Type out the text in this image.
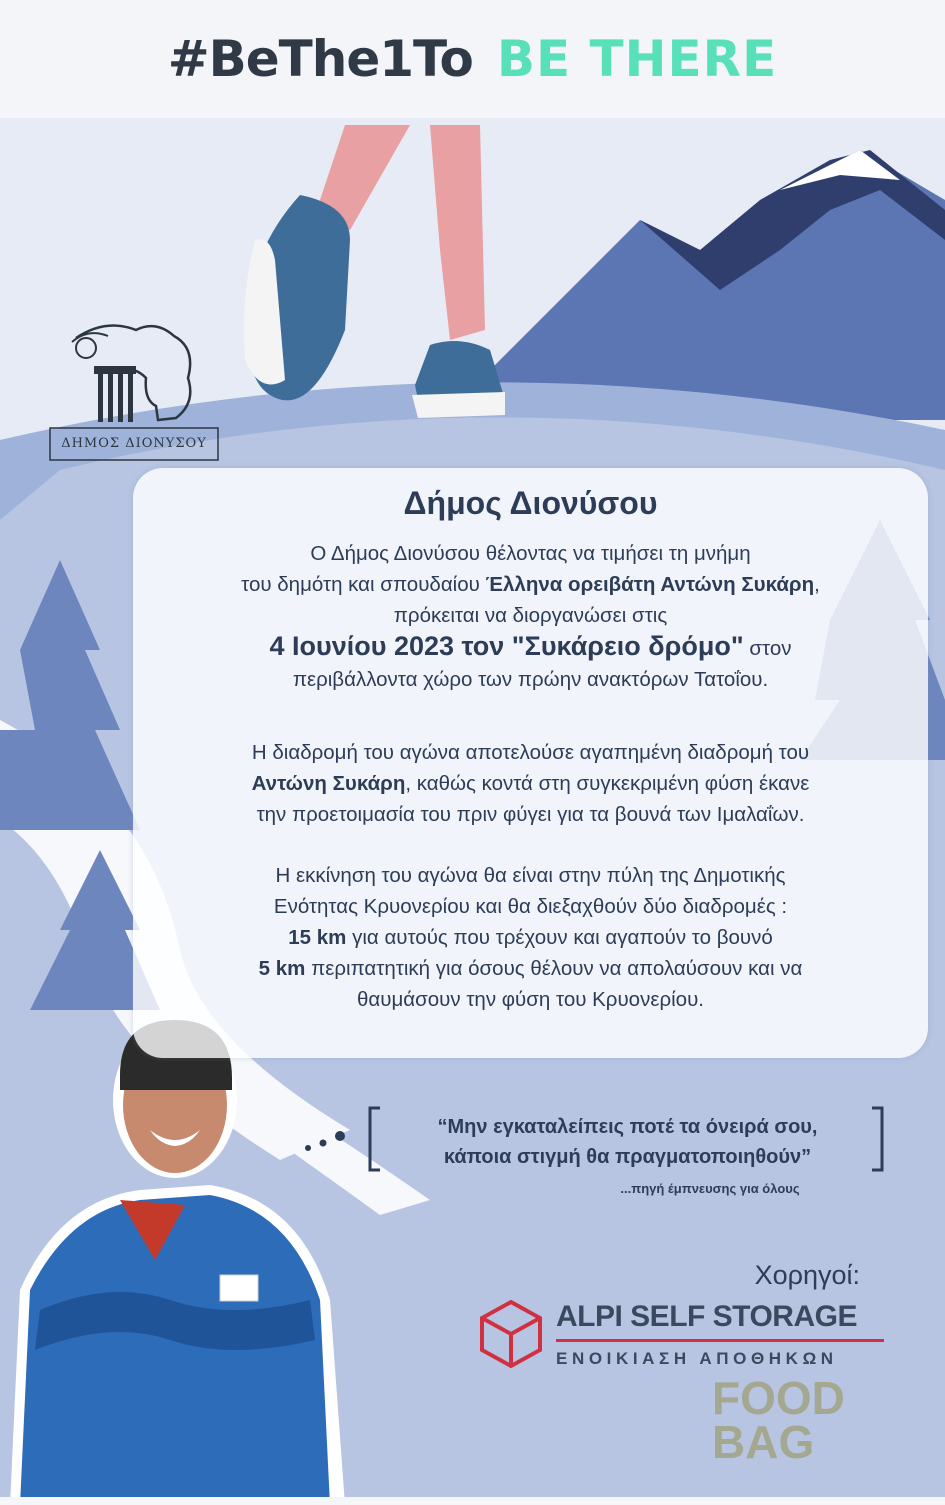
#BeThe1To BE THERE
ΔΗΜΟΣ ΔΙΟΝΥΣΟΥ
Δήμος Διονύσου
Ο Δήμος Διονύσου θέλοντας να τιμήσει τη μνήμη
του δημότη και σπουδαίου Έλληνα ορειβάτη Αντώνη Συκάρη,
πρόκειται να διοργανώσει στις
4 Ιουνίου 2023 τον "Συκάρειο δρόμο" στον
περιβάλλοντα χώρο των πρώην ανακτόρων Τατοΐου.
Η διαδρομή του αγώνα αποτελούσε αγαπημένη διαδρομή του
Αντώνη Συκάρη, καθώς κοντά στη συγκεκριμένη φύση έκανε
την προετοιμασία του πριν φύγει για τα βουνά των Ιμαλαΐων.
Η εκκίνηση του αγώνα θα είναι στην πύλη της Δημοτικής
Ενότητας Κρυονερίου και θα διεξαχθούν δύο διαδρομές :
15 km για αυτούς που τρέχουν και αγαπούν το βουνό
5 km περιπατητική για όσους θέλουν να απολαύσουν και να
θαυμάσουν την φύση του Κρυονερίου.
“Μην εγκαταλείπεις ποτέ τα όνειρά σου,
κάποια στιγμή θα πραγματοποιηθούν”
...πηγή έμπνευσης για όλους
Χορηγοί:
ALPI SELF STORAGE
ΕΝΟΙΚΙΑΣΗ ΑΠΟΘΗΚΩΝ
FOOD
BAG
